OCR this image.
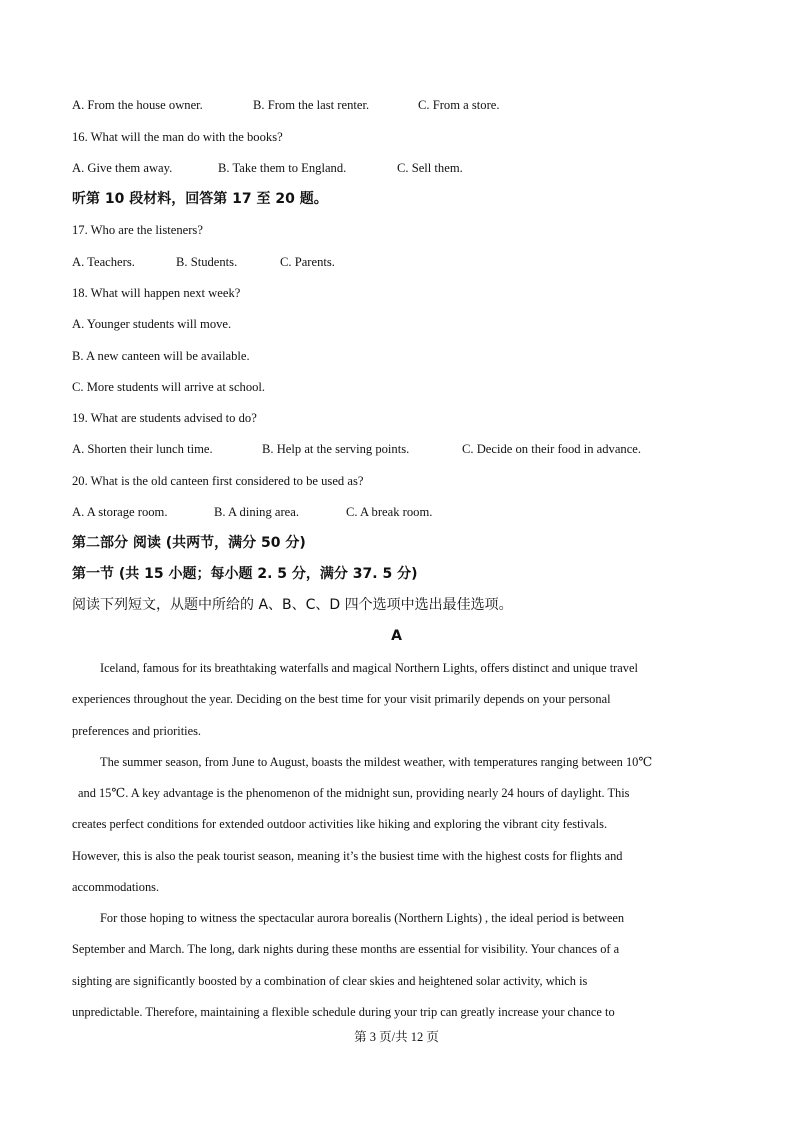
A. From the house owner.	B. From the last renter.	C. From a store.
16. What will the man do with the books?
A. Give them away.	B. Take them to England.	C. Sell them.
听第 10 段材料，回答第 17 至 20 题。
17. Who are the listeners?
A. Teachers.	B. Students.	C. Parents.
18. What will happen next week?
A. Younger students will move.
B. A new canteen will be available.
C. More students will arrive at school.
19. What are students advised to do?
A. Shorten their lunch time.	B. Help at the serving points.	C. Decide on their food in advance.
20. What is the old canteen first considered to be used as?
A. A storage room.	B. A dining area.	C. A break room.
第二部分 阅读 (共两节，满分 50 分)
第一节 (共 15 小题；每小题 2. 5 分，满分 37. 5 分)
阅读下列短文，从题中所给的 A、B、C、D 四个选项中选出最佳选项。
A
Iceland, famous for its breathtaking waterfalls and magical Northern Lights, offers distinct and unique travel
experiences throughout the year. Deciding on the best time for your visit primarily depends on your personal
preferences and priorities.
The summer season, from June to August, boasts the mildest weather, with temperatures ranging between 10℃
and 15℃. A key advantage is the phenomenon of the midnight sun, providing nearly 24 hours of daylight. This
creates perfect conditions for extended outdoor activities like hiking and exploring the vibrant city festivals.
However, this is also the peak tourist season, meaning it’s the busiest time with the highest costs for flights and
accommodations.
For those hoping to witness the spectacular aurora borealis (Northern Lights) , the ideal period is between
September and March. The long, dark nights during these months are essential for visibility. Your chances of a
sighting are significantly boosted by a combination of clear skies and heightened solar activity, which is
unpredictable. Therefore, maintaining a flexible schedule during your trip can greatly increase your chance to
第 3 页/共 12 页
